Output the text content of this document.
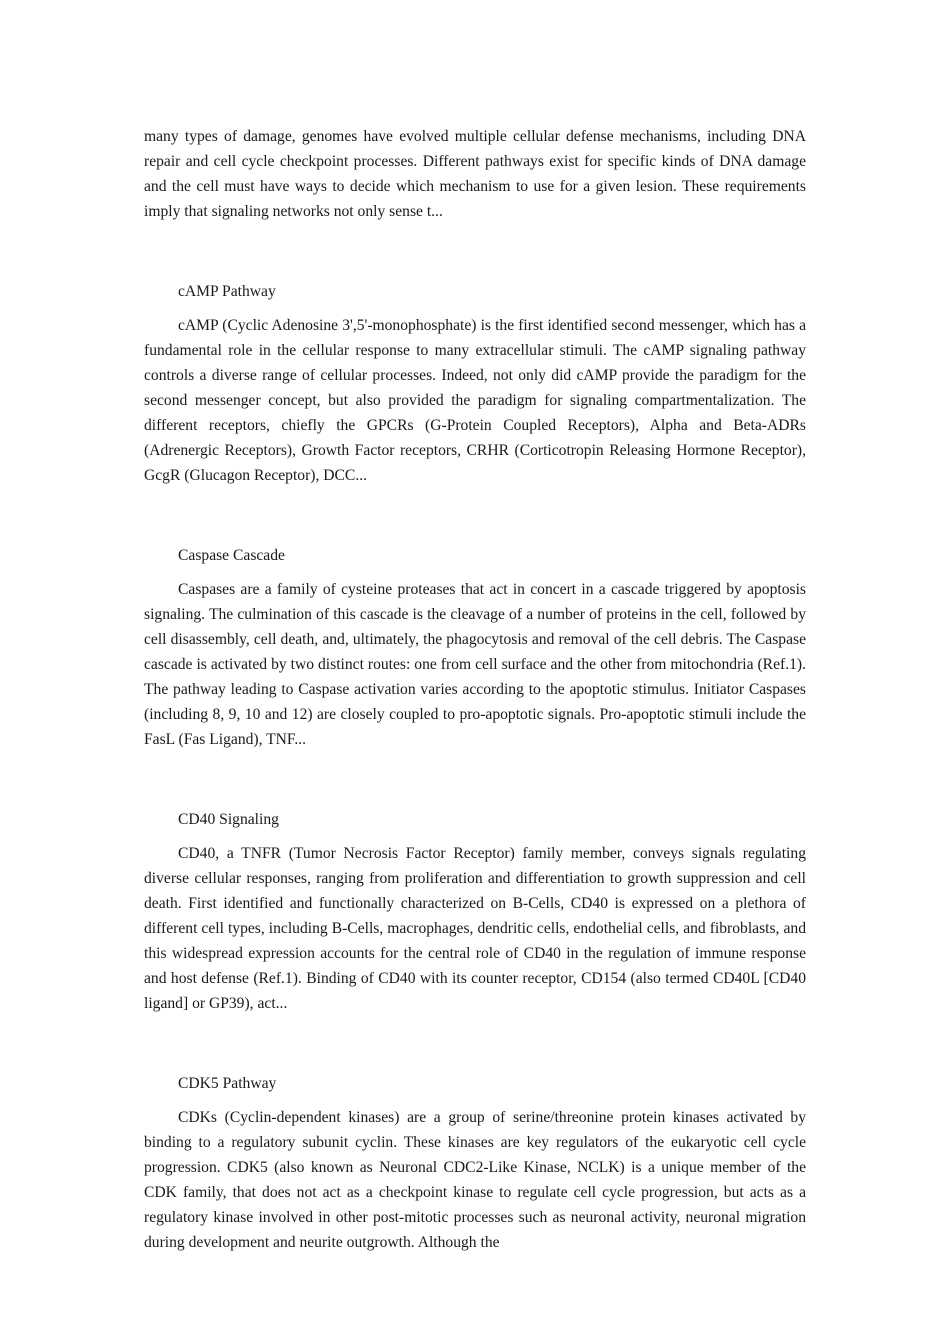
many types of damage, genomes have evolved multiple cellular defense mechanisms, including DNA repair and cell cycle checkpoint processes. Different pathways exist for specific kinds of DNA damage and the cell must have ways to decide which mechanism to use for a given lesion. These requirements imply that signaling networks not only sense t...

cAMP Pathway

cAMP (Cyclic Adenosine 3',5'-monophosphate) is the first identified second messenger, which has a fundamental role in the cellular response to many extracellular stimuli. The cAMP signaling pathway controls a diverse range of cellular processes. Indeed, not only did cAMP provide the paradigm for the second messenger concept, but also provided the paradigm for signaling compartmentalization. The different receptors, chiefly the GPCRs (G-Protein Coupled Receptors), Alpha and Beta-ADRs (Adrenergic Receptors), Growth Factor receptors, CRHR (Corticotropin Releasing Hormone Receptor), GcgR (Glucagon Receptor), DCC...

Caspase Cascade

Caspases are a family of cysteine proteases that act in concert in a cascade triggered by apoptosis signaling. The culmination of this cascade is the cleavage of a number of proteins in the cell, followed by cell disassembly, cell death, and, ultimately, the phagocytosis and removal of the cell debris. The Caspase cascade is activated by two distinct routes: one from cell surface and the other from mitochondria (Ref.1). The pathway leading to Caspase activation varies according to the apoptotic stimulus. Initiator Caspases (including 8, 9, 10 and 12) are closely coupled to pro-apoptotic signals. Pro-apoptotic stimuli include the FasL (Fas Ligand), TNF...

CD40 Signaling

CD40, a TNFR (Tumor Necrosis Factor Receptor) family member, conveys signals regulating diverse cellular responses, ranging from proliferation and differentiation to growth suppression and cell death. First identified and functionally characterized on B-Cells, CD40 is expressed on a plethora of different cell types, including B-Cells, macrophages, dendritic cells, endothelial cells, and fibroblasts, and this widespread expression accounts for the central role of CD40 in the regulation of immune response and host defense (Ref.1). Binding of CD40 with its counter receptor, CD154 (also termed CD40L [CD40 ligand] or GP39), act...

CDK5 Pathway

CDKs (Cyclin-dependent kinases) are a group of serine/threonine protein kinases activated by binding to a regulatory subunit cyclin. These kinases are key regulators of the eukaryotic cell cycle progression. CDK5 (also known as Neuronal CDC2-Like Kinase, NCLK) is a unique member of the CDK family, that does not act as a checkpoint kinase to regulate cell cycle progression, but acts as a regulatory kinase involved in other post-mitotic processes such as neuronal activity, neuronal migration during development and neurite outgrowth. Although the
